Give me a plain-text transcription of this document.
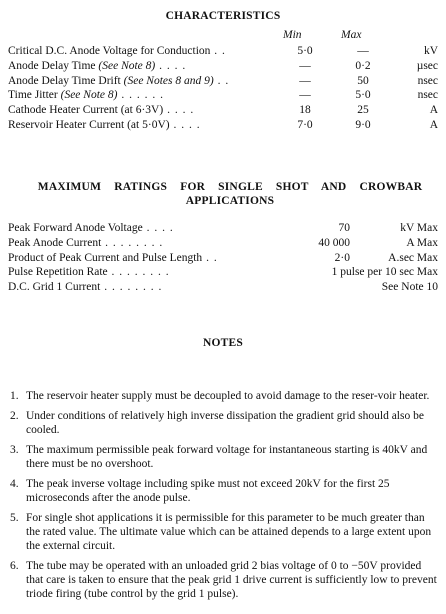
CHARACTERISTICS
Min	Max
Critical D.C. Anode Voltage for Conduction . .	5·0	—	kV
Anode Delay Time (See Note 8) . . . .	—	0·2	µsec
Anode Delay Time Drift (See Notes 8 and 9) . .	—	50	nsec
Time Jitter (See Note 8) . . . . . .	—	5·0	nsec
Cathode Heater Current (at 6·3V) . . . .	18	25	A
Reservoir Heater Current (at 5·0V) . . . .	7·0	9·0	A
MAXIMUM RATINGS FOR SINGLE SHOT AND CROWBAR
APPLICATIONS
Peak Forward Anode Voltage . . . .	70	kV Max
Peak Anode Current . . . . . . . .	40 000	A Max
Product of Peak Current and Pulse Length . .	2·0	A.sec Max
Pulse Repetition Rate . . . . . . . .	1 pulse per 10 sec Max
D.C. Grid 1 Current . . . . . . . .	See Note 10
NOTES
1. The reservoir heater supply must be decoupled to avoid damage to the reser-voir heater.
2. Under conditions of relatively high inverse dissipation the gradient grid should also be cooled.
3. The maximum permissible peak forward voltage for instantaneous starting is 40kV and there must be no overshoot.
4. The peak inverse voltage including spike must not exceed 20kV for the first 25 microseconds after the anode pulse.
5. For single shot applications it is permissible for this parameter to be much greater than the rated value. The ultimate value which can be attained depends to a large extent upon the external circuit.
6. The tube may be operated with an unloaded grid 2 bias voltage of 0 to −50V provided that care is taken to ensure that the peak grid 1 drive current is sufficiently low to prevent triode firing (tube control by the grid 1 pulse).
